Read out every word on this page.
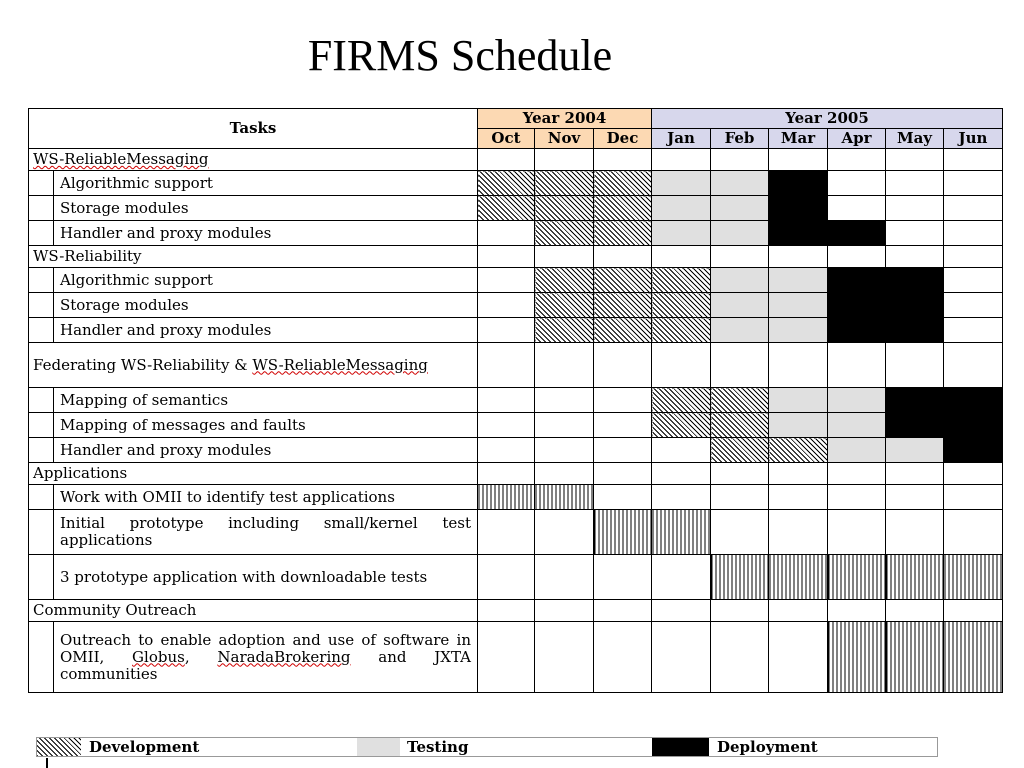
FIRMS Schedule
Tasks		Year 2004			Year 2005					
		Oct	Nov	Dec	Jan	Feb	Mar	Apr	May	Jun
WS-ReliableMessaging										
	Algorithmic support									
	Storage modules									
	Handler and proxy modules									
WS-Reliability										
	Algorithmic support									
	Storage modules									
	Handler and proxy modules									
Federating WS-Reliability & WS-ReliableMessaging										
	Mapping of semantics									
	Mapping of messages and faults									
	Handler and proxy modules									
Applications										
	Work with OMII to identify test applications									
	Initial prototype including small/kernel test applications									
	3 prototype application with downloadable tests									
Community Outreach										
	Outreach to enable adoption and use of software in OMII, Globus, NaradaBrokering and JXTA communities									
Development	Testing	Deployment
